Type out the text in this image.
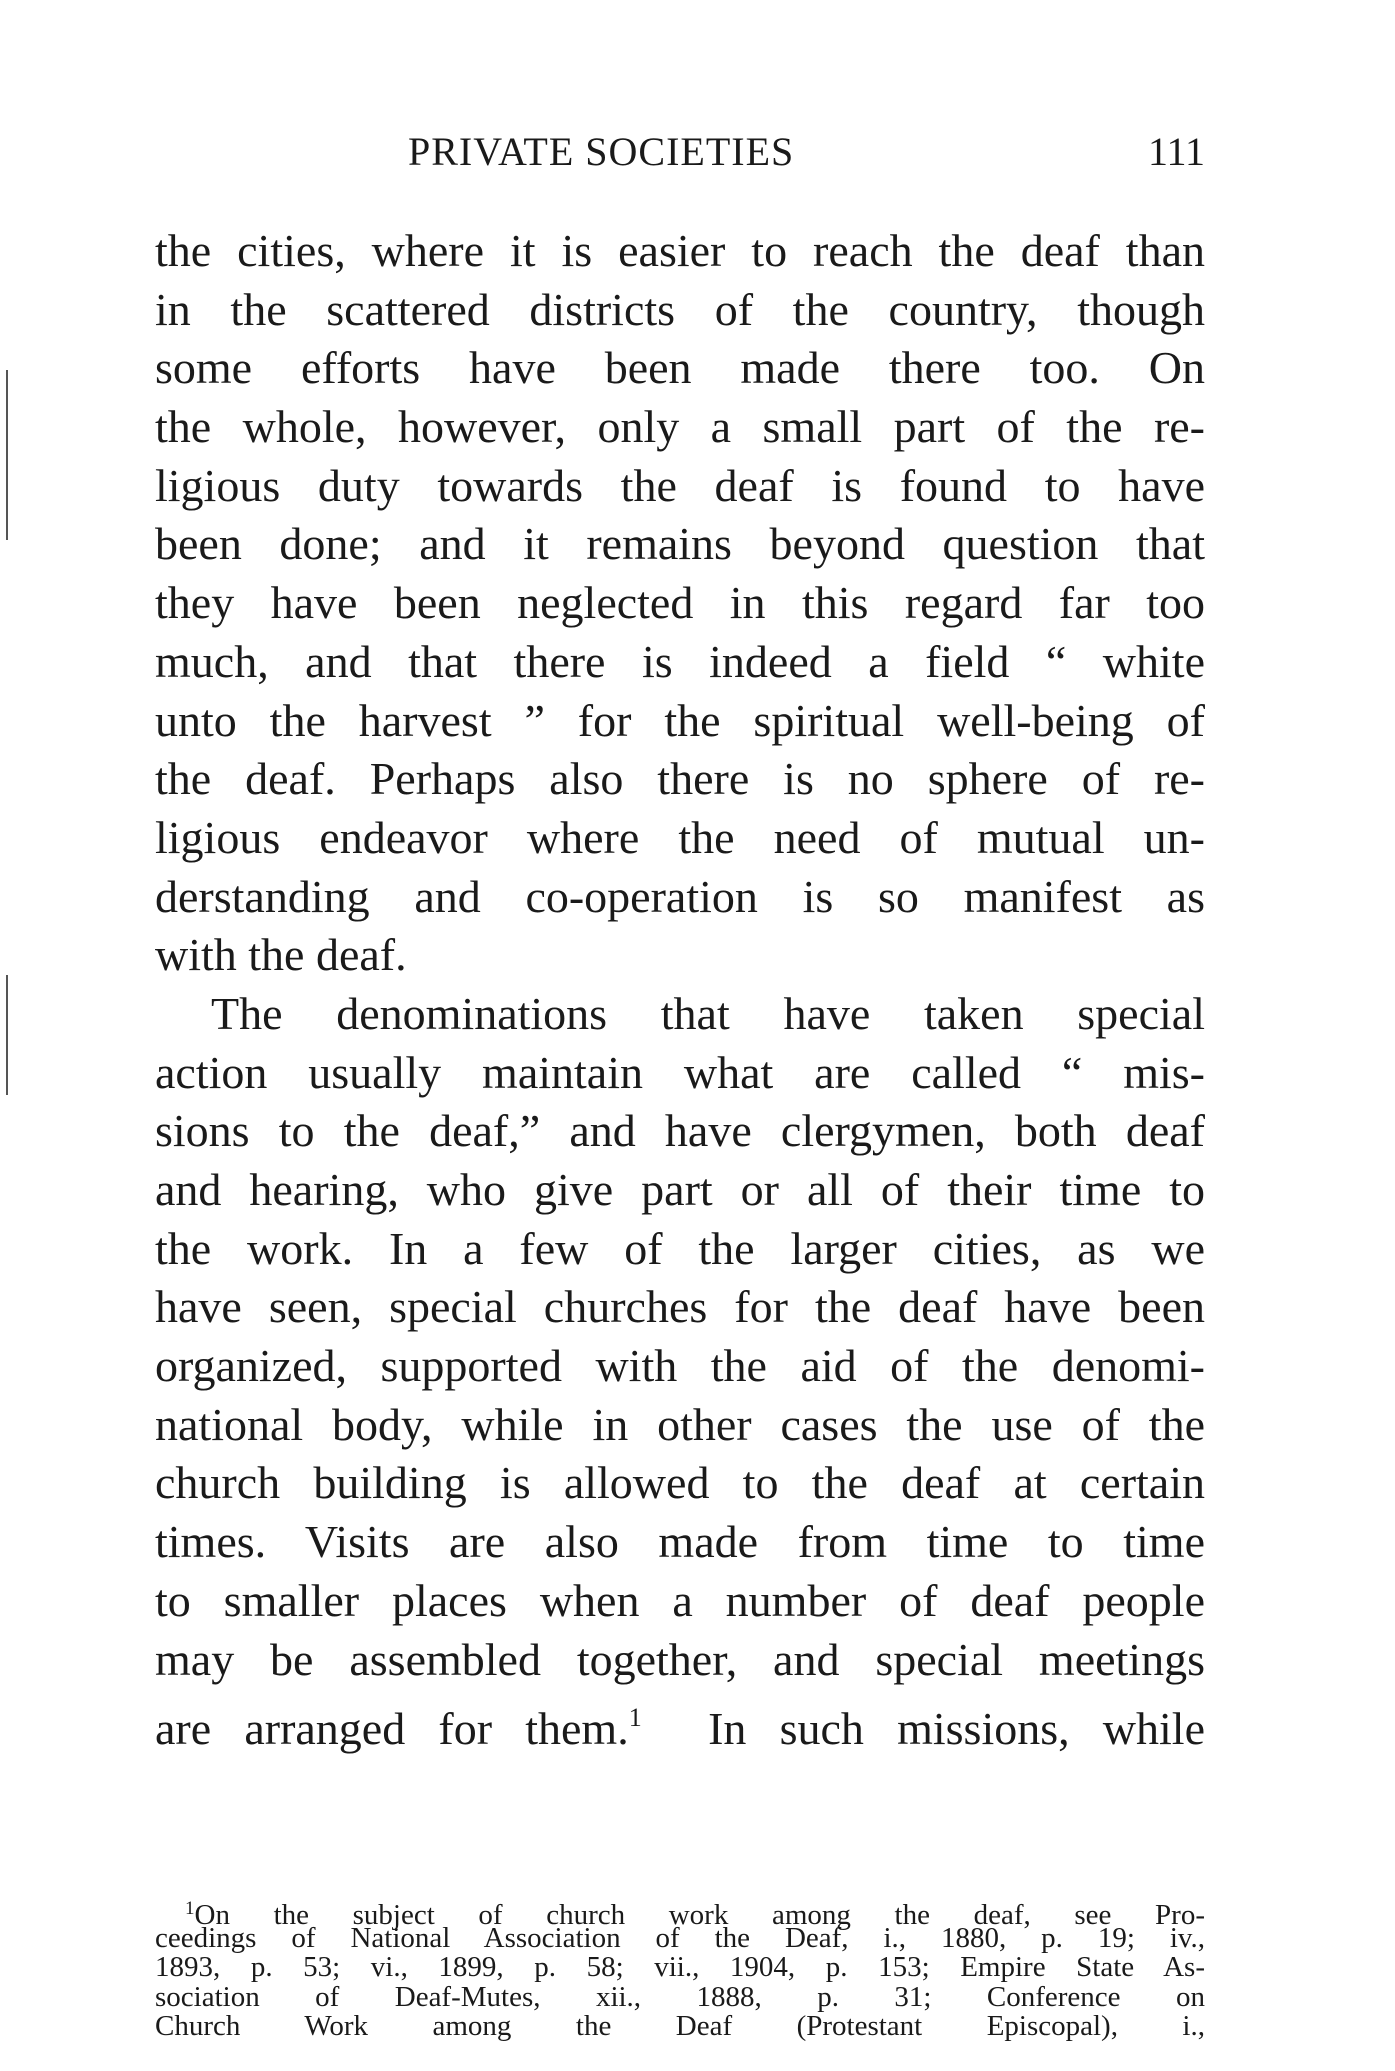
PRIVATE SOCIETIES	111
the cities, where it is easier to reach the deaf than
in the scattered districts of the country, though
some efforts have been made there too. On
the whole, however, only a small part of the re-
ligious duty towards the deaf is found to have
been done; and it remains beyond question that
they have been neglected in this regard far too
much, and that there is indeed a field “ white
unto the harvest ” for the spiritual well-being of
the deaf. Perhaps also there is no sphere of re-
ligious endeavor where the need of mutual un-
derstanding and co-operation is so manifest as
with the deaf.
The denominations that have taken special
action usually maintain what are called “ mis-
sions to the deaf,” and have clergymen, both deaf
and hearing, who give part or all of their time to
the work. In a few of the larger cities, as we
have seen, special churches for the deaf have been
organized, supported with the aid of the denomi-
national body, while in other cases the use of the
church building is allowed to the deaf at certain
times. Visits are also made from time to time
to smaller places when a number of deaf people
may be assembled together, and special meetings
are arranged for them.$^1$ In such missions, while
$^1$On the subject of church work among the deaf, see Pro-
ceedings of National Association of the Deaf, i., 1880, p. 19; iv.,
1893, p. 53; vi., 1899, p. 58; vii., 1904, p. 153; Empire State As-
sociation of Deaf-Mutes, xii., 1888, p. 31; Conference on
Church Work among the Deaf (Protestant Episcopal), i.,
